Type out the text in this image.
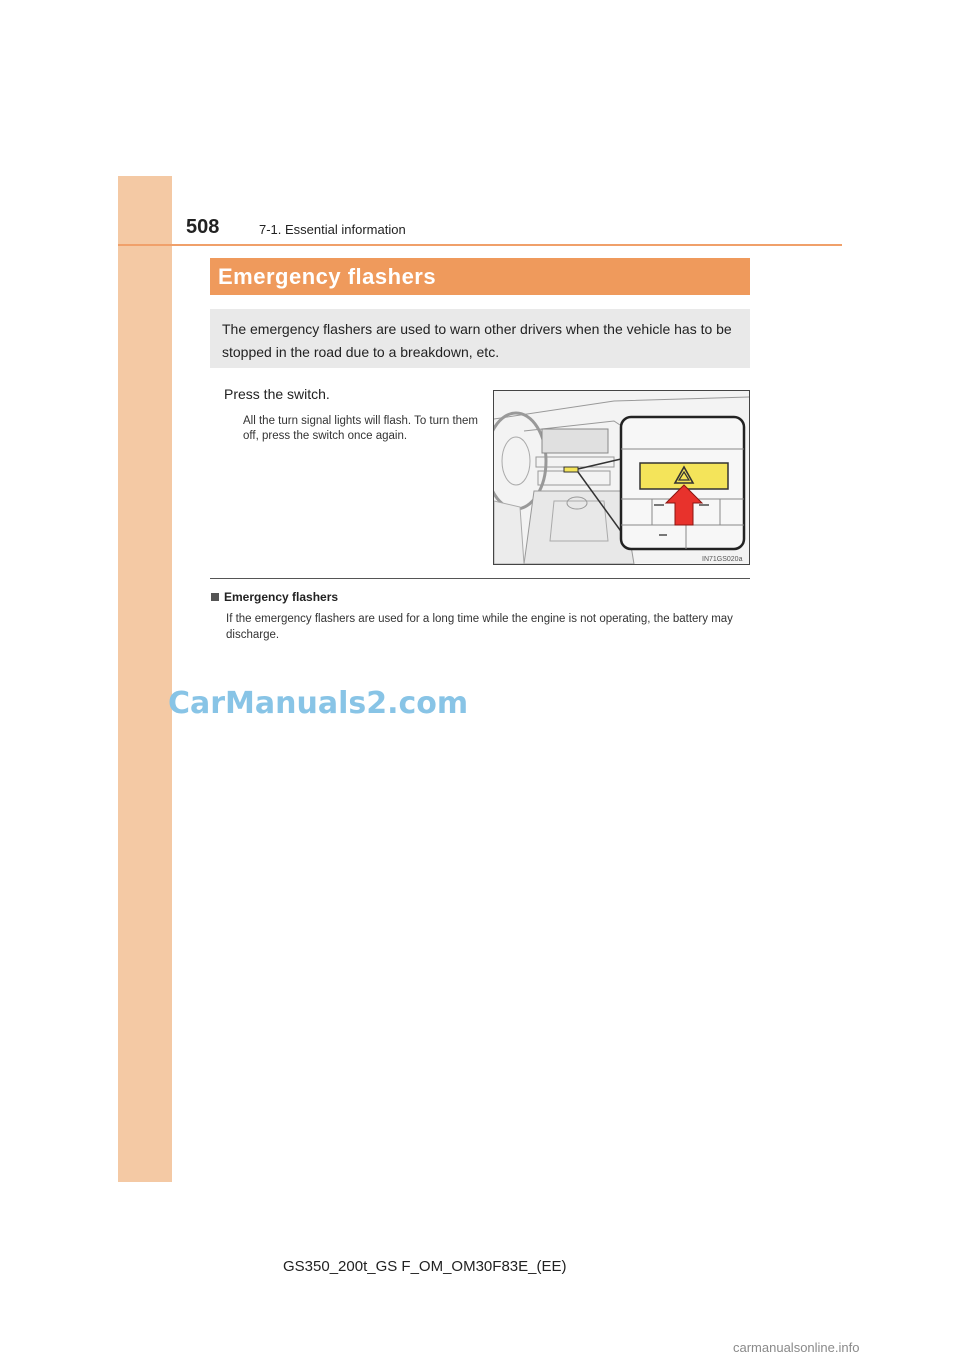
508	7-1. Essential information
Emergency flashers
The emergency flashers are used to warn other drivers when the vehicle has to be stopped in the road due to a breakdown, etc.
Press the switch.
All the turn signal lights will flash. To turn them off, press the switch once again.
IN71GS020a
Emergency flashers
If the emergency flashers are used for a long time while the engine is not operating, the battery may discharge.
CarManuals2.com
GS350_200t_GS F_OM_OM30F83E_(EE)
carmanualsonline.info
